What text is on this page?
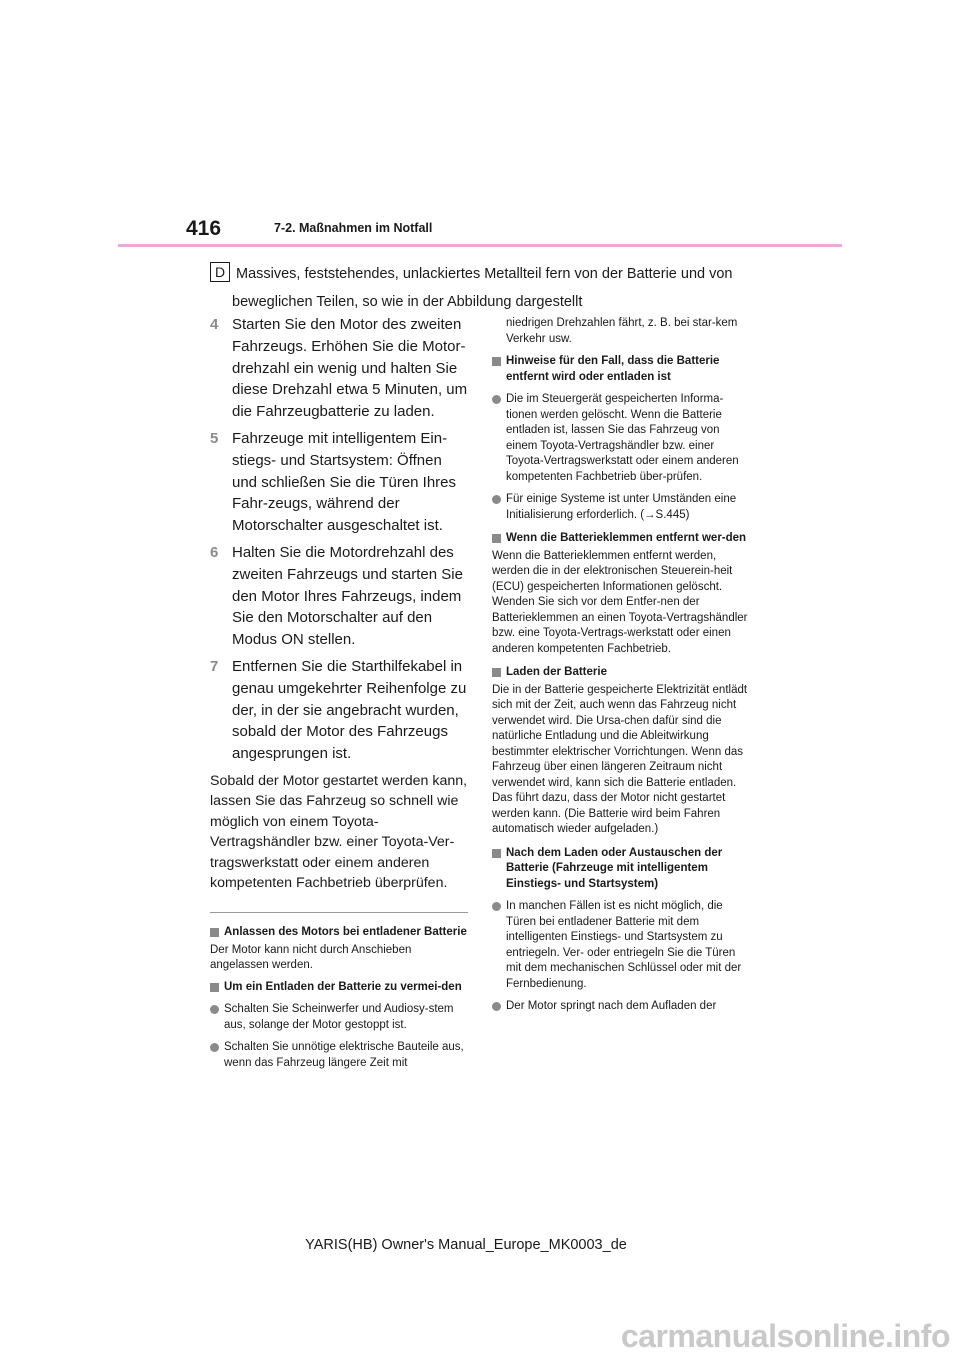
416	7-2. Maßnahmen im Notfall
D Massives, feststehendes, unlackiertes Metallteil fern von der Batterie und von
beweglichen Teilen, so wie in der Abbildung dargestellt
4 Starten Sie den Motor des zweiten Fahrzeugs. Erhöhen Sie die Motor-drehzahl ein wenig und halten Sie diese Drehzahl etwa 5 Minuten, um die Fahrzeugbatterie zu laden.
5 Fahrzeuge mit intelligentem Ein-stiegs- und Startsystem: Öffnen und schließen Sie die Türen Ihres Fahr-zeugs, während der Motorschalter ausgeschaltet ist.
6 Halten Sie die Motordrehzahl des zweiten Fahrzeugs und starten Sie den Motor Ihres Fahrzeugs, indem Sie den Motorschalter auf den Modus ON stellen.
7 Entfernen Sie die Starthilfekabel in genau umgekehrter Reihenfolge zu der, in der sie angebracht wurden, sobald der Motor des Fahrzeugs angesprungen ist.
Sobald der Motor gestartet werden kann, lassen Sie das Fahrzeug so schnell wie möglich von einem Toyota-Vertragshändler bzw. einer Toyota-Ver-tragswerkstatt oder einem anderen kompetenten Fachbetrieb überprüfen.
Anlassen des Motors bei entladener Batterie
Der Motor kann nicht durch Anschieben angelassen werden.
Um ein Entladen der Batterie zu vermei-den
Schalten Sie Scheinwerfer und Audiosy-stem aus, solange der Motor gestoppt ist.
Schalten Sie unnötige elektrische Bauteile aus, wenn das Fahrzeug längere Zeit mit
niedrigen Drehzahlen fährt, z. B. bei star-kem Verkehr usw.
Hinweise für den Fall, dass die Batterie entfernt wird oder entladen ist
Die im Steuergerät gespeicherten Informa-tionen werden gelöscht. Wenn die Batterie entladen ist, lassen Sie das Fahrzeug von einem Toyota-Vertragshändler bzw. einer Toyota-Vertragswerkstatt oder einem anderen kompetenten Fachbetrieb über-prüfen.
Für einige Systeme ist unter Umständen eine Initialisierung erforderlich. (→S.445)
Wenn die Batterieklemmen entfernt wer-den
Wenn die Batterieklemmen entfernt werden, werden die in der elektronischen Steuerein-heit (ECU) gespeicherten Informationen gelöscht. Wenden Sie sich vor dem Entfer-nen der Batterieklemmen an einen Toyota-Vertragshändler bzw. eine Toyota-Vertrags-werkstatt oder einen anderen kompetenten Fachbetrieb.
Laden der Batterie
Die in der Batterie gespeicherte Elektrizität entlädt sich mit der Zeit, auch wenn das Fahrzeug nicht verwendet wird. Die Ursa-chen dafür sind die natürliche Entladung und die Ableitwirkung bestimmter elektrischer Vorrichtungen. Wenn das Fahrzeug über einen längeren Zeitraum nicht verwendet wird, kann sich die Batterie entladen. Das führt dazu, dass der Motor nicht gestartet werden kann. (Die Batterie wird beim Fahren automatisch wieder aufgeladen.)
Nach dem Laden oder Austauschen der Batterie (Fahrzeuge mit intelligentem Einstiegs- und Startsystem)
In manchen Fällen ist es nicht möglich, die Türen bei entladener Batterie mit dem intelligenten Einstiegs- und Startsystem zu entriegeln. Ver- oder entriegeln Sie die Türen mit dem mechanischen Schlüssel oder mit der Fernbedienung.
Der Motor springt nach dem Aufladen der
YARIS(HB) Owner's Manual_Europe_MK0003_de
carmanualsonline.info
